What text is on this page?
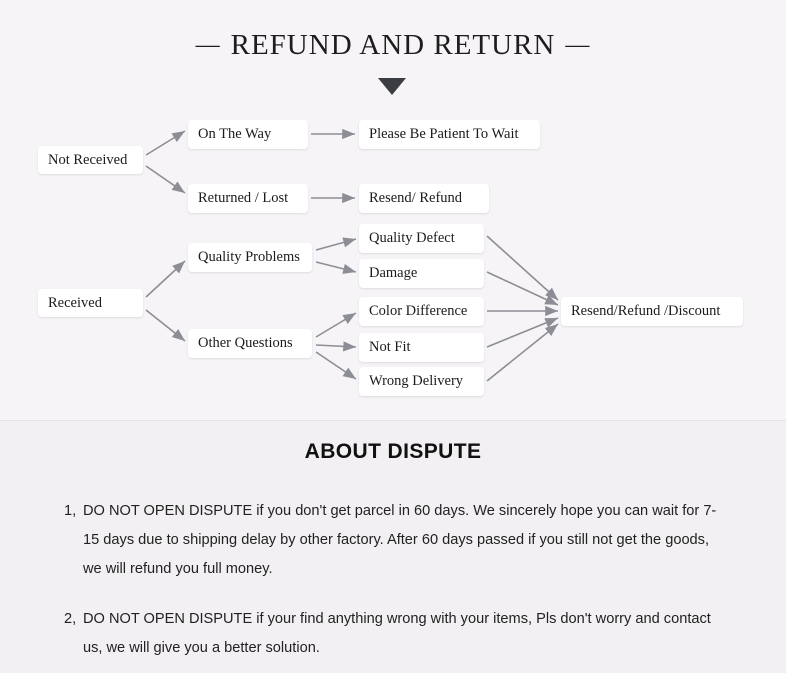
— REFUND AND RETURN —
Not Received
Received
On The Way
Returned / Lost
Quality Problems
Other Questions
Please Be Patient To Wait
Resend/ Refund
Quality Defect
Damage
Color Difference
Not Fit
Wrong Delivery
Resend/Refund /Discount
ABOUT DISPUTE
1, DO NOT OPEN DISPUTE if you don't get parcel in 60 days. We sincerely hope you can wait for 7-15 days due to shipping delay by other factory. After 60 days passed if you still not get the goods, we will refund you full money.
2, DO NOT OPEN DISPUTE if your find anything wrong with your items, Pls don't worry and contact us, we will give you a better solution.
